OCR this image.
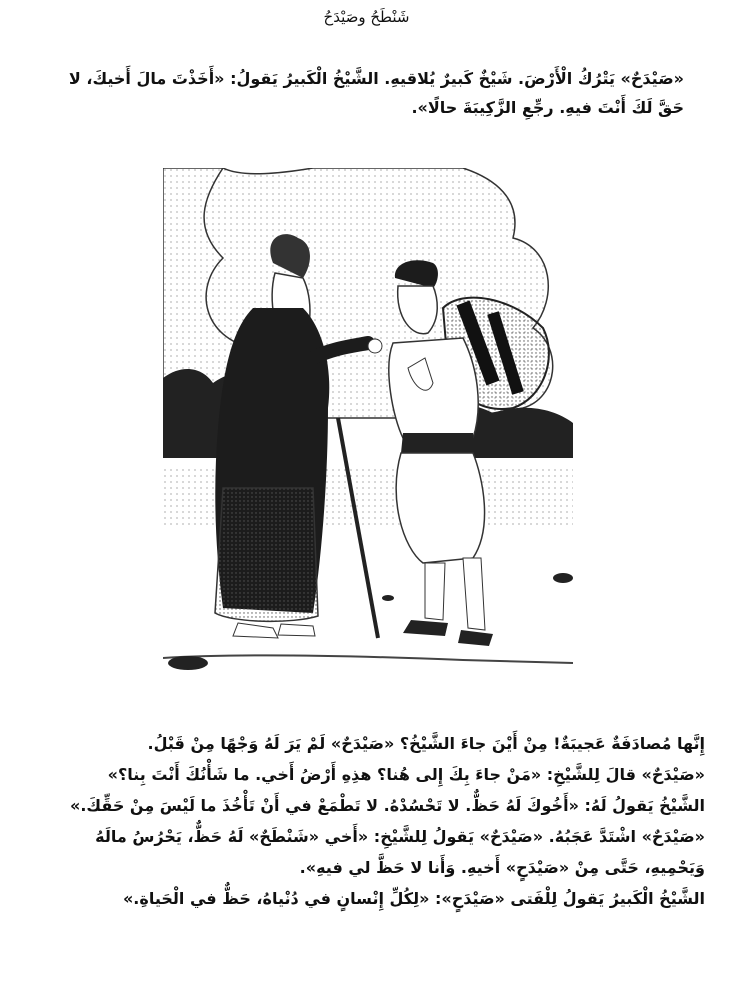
شَنْطَحُ وصَيْدَحُ
«صَيْدَحٌ» يَتْرُكُ الْأَرْضَ. شَيْخٌ كَبيرٌ يُلاقيهِ. الشَّيْخُ الْكَبيرُ يَقولُ: «أَخَذْتَ مالَ أَخيكَ، لا
حَقَّ لَكَ أَنْتَ فيهِ. رجِّعِ الزَّكِيبَةَ حالًا».

إِنَّها مُصادَفَةٌ عَجيبَةٌ! مِنْ أَيْنَ جاءَ الشَّيْخُ؟ «صَيْدَحٌ» لَمْ يَرَ لَهُ وَجْهًا مِنْ قَبْلُ.

«صَيْدَحٌ» قالَ لِلشَّيْخِ: «مَنْ جاءَ بِكَ إِلى هُنا؟ هذِهِ أَرْضُ أَخي. ما شَأْنُكَ أَنْتَ بِنا؟»

الشَّيْخُ يَقولُ لَهُ: «أَخُوكَ لَهُ حَظٌّ. لا تَحْسُدْهُ. لا تَطْمَعْ في أَنْ تَأْخُذَ ما لَيْسَ مِنْ حَقِّكَ.»

«صَيْدَحٌ» اشْتَدَّ عَجَبُهُ. «صَيْدَحٌ» يَقولُ لِلشَّيْخِ: «أَخي «شَنْطَحٌ» لَهُ حَظٌّ، يَحْرُسُ مالَهُ

وَيَحْمِيهِ، حَتَّى مِنْ «صَيْدَحٍ» أَخيهِ. وَأَنا لا حَظَّ لي فيهِ».

الشَّيْخُ الْكَبيرُ يَقولُ لِلْفَتى «صَيْدَحٍ»: «لِكُلِّ إِنْسانٍ في دُنْياهُ، حَظٌّ في الْحَياةِ.»
